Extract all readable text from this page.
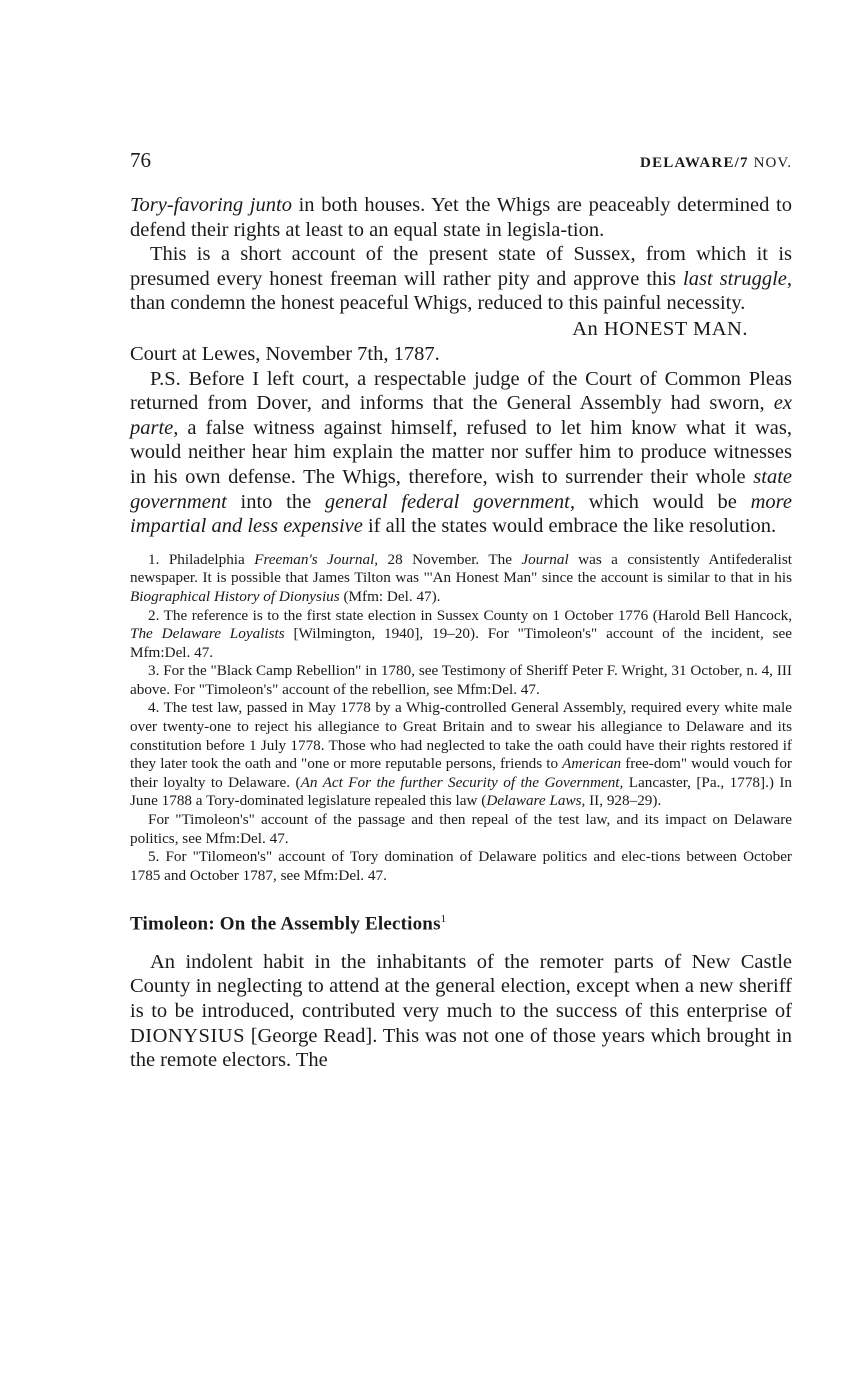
76	DELAWARE/7 NOV.

Tory-favoring junto in both houses. Yet the Whigs are peaceably determined to defend their rights at least to an equal state in legisla-tion.

This is a short account of the present state of Sussex, from which it is presumed every honest freeman will rather pity and approve this last struggle, than condemn the honest peaceful Whigs, reduced to this painful necessity.

An HONEST MAN.

Court at Lewes, November 7th, 1787.

P.S. Before I left court, a respectable judge of the Court of Common Pleas returned from Dover, and informs that the General Assembly had sworn, ex parte, a false witness against himself, refused to let him know what it was, would neither hear him explain the matter nor suffer him to produce witnesses in his own defense. The Whigs, therefore, wish to surrender their whole state government into the general federal government, which would be more impartial and less expensive if all the states would embrace the like resolution.

1. Philadelphia Freeman's Journal, 28 November. The Journal was a consistently Antifederalist newspaper. It is possible that James Tilton was "'An Honest Man" since the account is similar to that in his Biographical History of Dionysius (Mfm: Del. 47).

2. The reference is to the first state election in Sussex County on 1 October 1776 (Harold Bell Hancock, The Delaware Loyalists [Wilmington, 1940], 19–20). For "Timoleon's" account of the incident, see Mfm:Del. 47.

3. For the "Black Camp Rebellion" in 1780, see Testimony of Sheriff Peter F. Wright, 31 October, n. 4, III above. For "Timoleon's" account of the rebellion, see Mfm:Del. 47.

4. The test law, passed in May 1778 by a Whig-controlled General Assembly, required every white male over twenty-one to reject his allegiance to Great Britain and to swear his allegiance to Delaware and its constitution before 1 July 1778. Those who had neglected to take the oath could have their rights restored if they later took the oath and "one or more reputable persons, friends to American free-dom" would vouch for their loyalty to Delaware. (An Act For the further Security of the Government, Lancaster, [Pa., 1778].) In June 1788 a Tory-dominated legislature repealed this law (Delaware Laws, II, 928–29).

For "Timoleon's" account of the passage and then repeal of the test law, and its impact on Delaware politics, see Mfm:Del. 47.

5. For "Tilomeon's" account of Tory domination of Delaware politics and elec-tions between October 1785 and October 1787, see Mfm:Del. 47.

Timoleon: On the Assembly Elections$^1$

An indolent habit in the inhabitants of the remoter parts of New Castle County in neglecting to attend at the general election, except when a new sheriff is to be introduced, contributed very much to the success of this enterprise of DIONYSIUS [George Read]. This was not one of those years which brought in the remote electors. The
